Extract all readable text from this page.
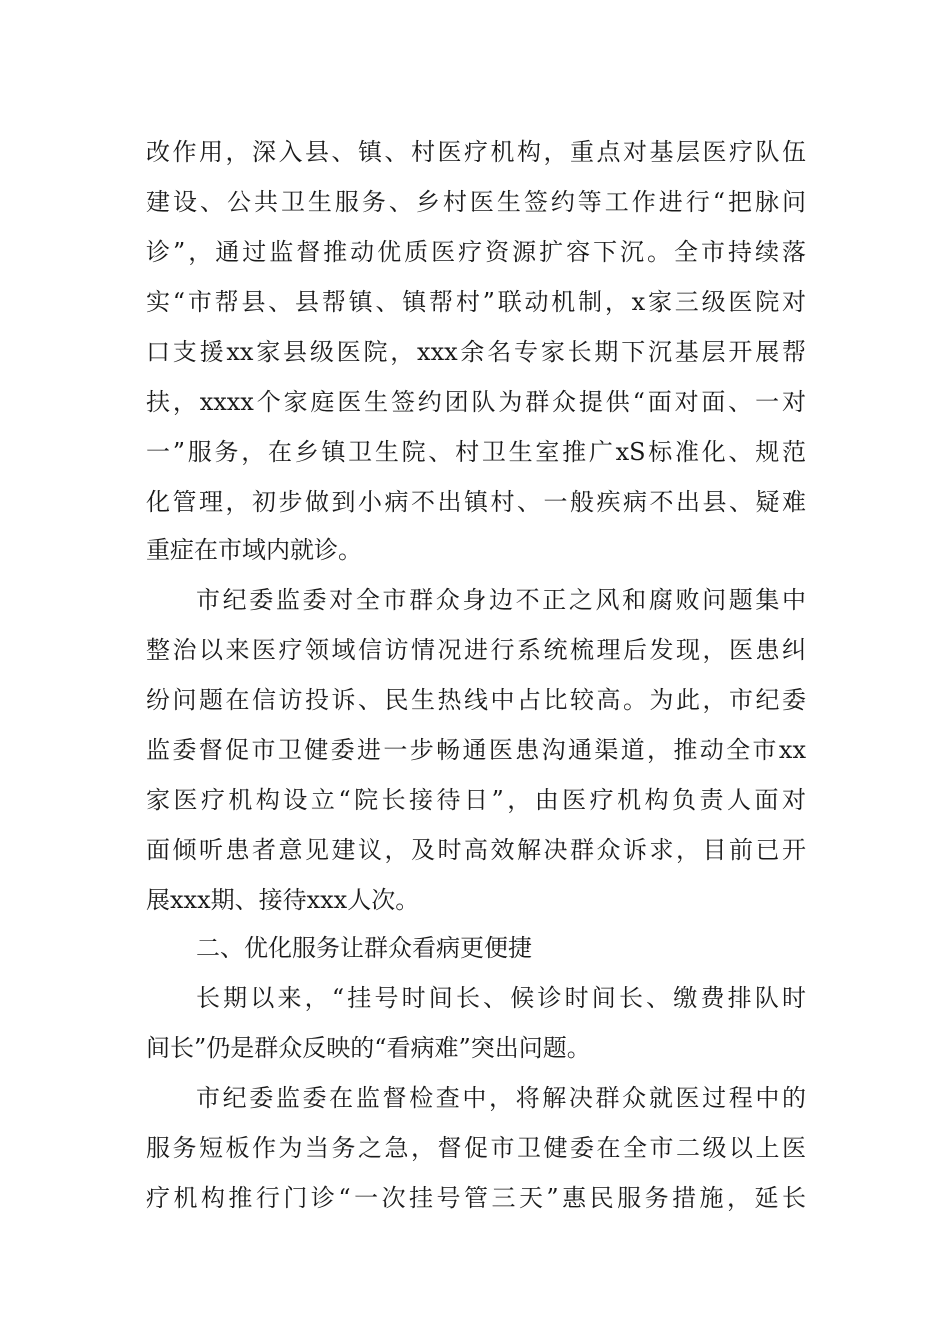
改作用，深入县、镇、村医疗机构，重点对基层医疗队伍
建设、公共卫生服务、乡村医生签约等工作进行“把脉问
诊”，通过监督推动优质医疗资源扩容下沉。全市持续落
实“市帮县、县帮镇、镇帮村”联动机制，x家三级医院对
口支援xx家县级医院，xxx余名专家长期下沉基层开展帮
扶，xxxx个家庭医生签约团队为群众提供“面对面、一对
一”服务，在乡镇卫生院、村卫生室推广xS标准化、规范
化管理，初步做到小病不出镇村、一般疾病不出县、疑难
重症在市域内就诊。
市纪委监委对全市群众身边不正之风和腐败问题集中
整治以来医疗领域信访情况进行系统梳理后发现，医患纠
纷问题在信访投诉、民生热线中占比较高。为此，市纪委
监委督促市卫健委进一步畅通医患沟通渠道，推动全市xx
家医疗机构设立“院长接待日”，由医疗机构负责人面对
面倾听患者意见建议，及时高效解决群众诉求，目前已开
展xxx期、接待xxx人次。
二、优化服务让群众看病更便捷
长期以来，“挂号时间长、候诊时间长、缴费排队时
间长”仍是群众反映的“看病难”突出问题。
市纪委监委在监督检查中，将解决群众就医过程中的
服务短板作为当务之急，督促市卫健委在全市二级以上医
疗机构推行门诊“一次挂号管三天”惠民服务措施，延长
